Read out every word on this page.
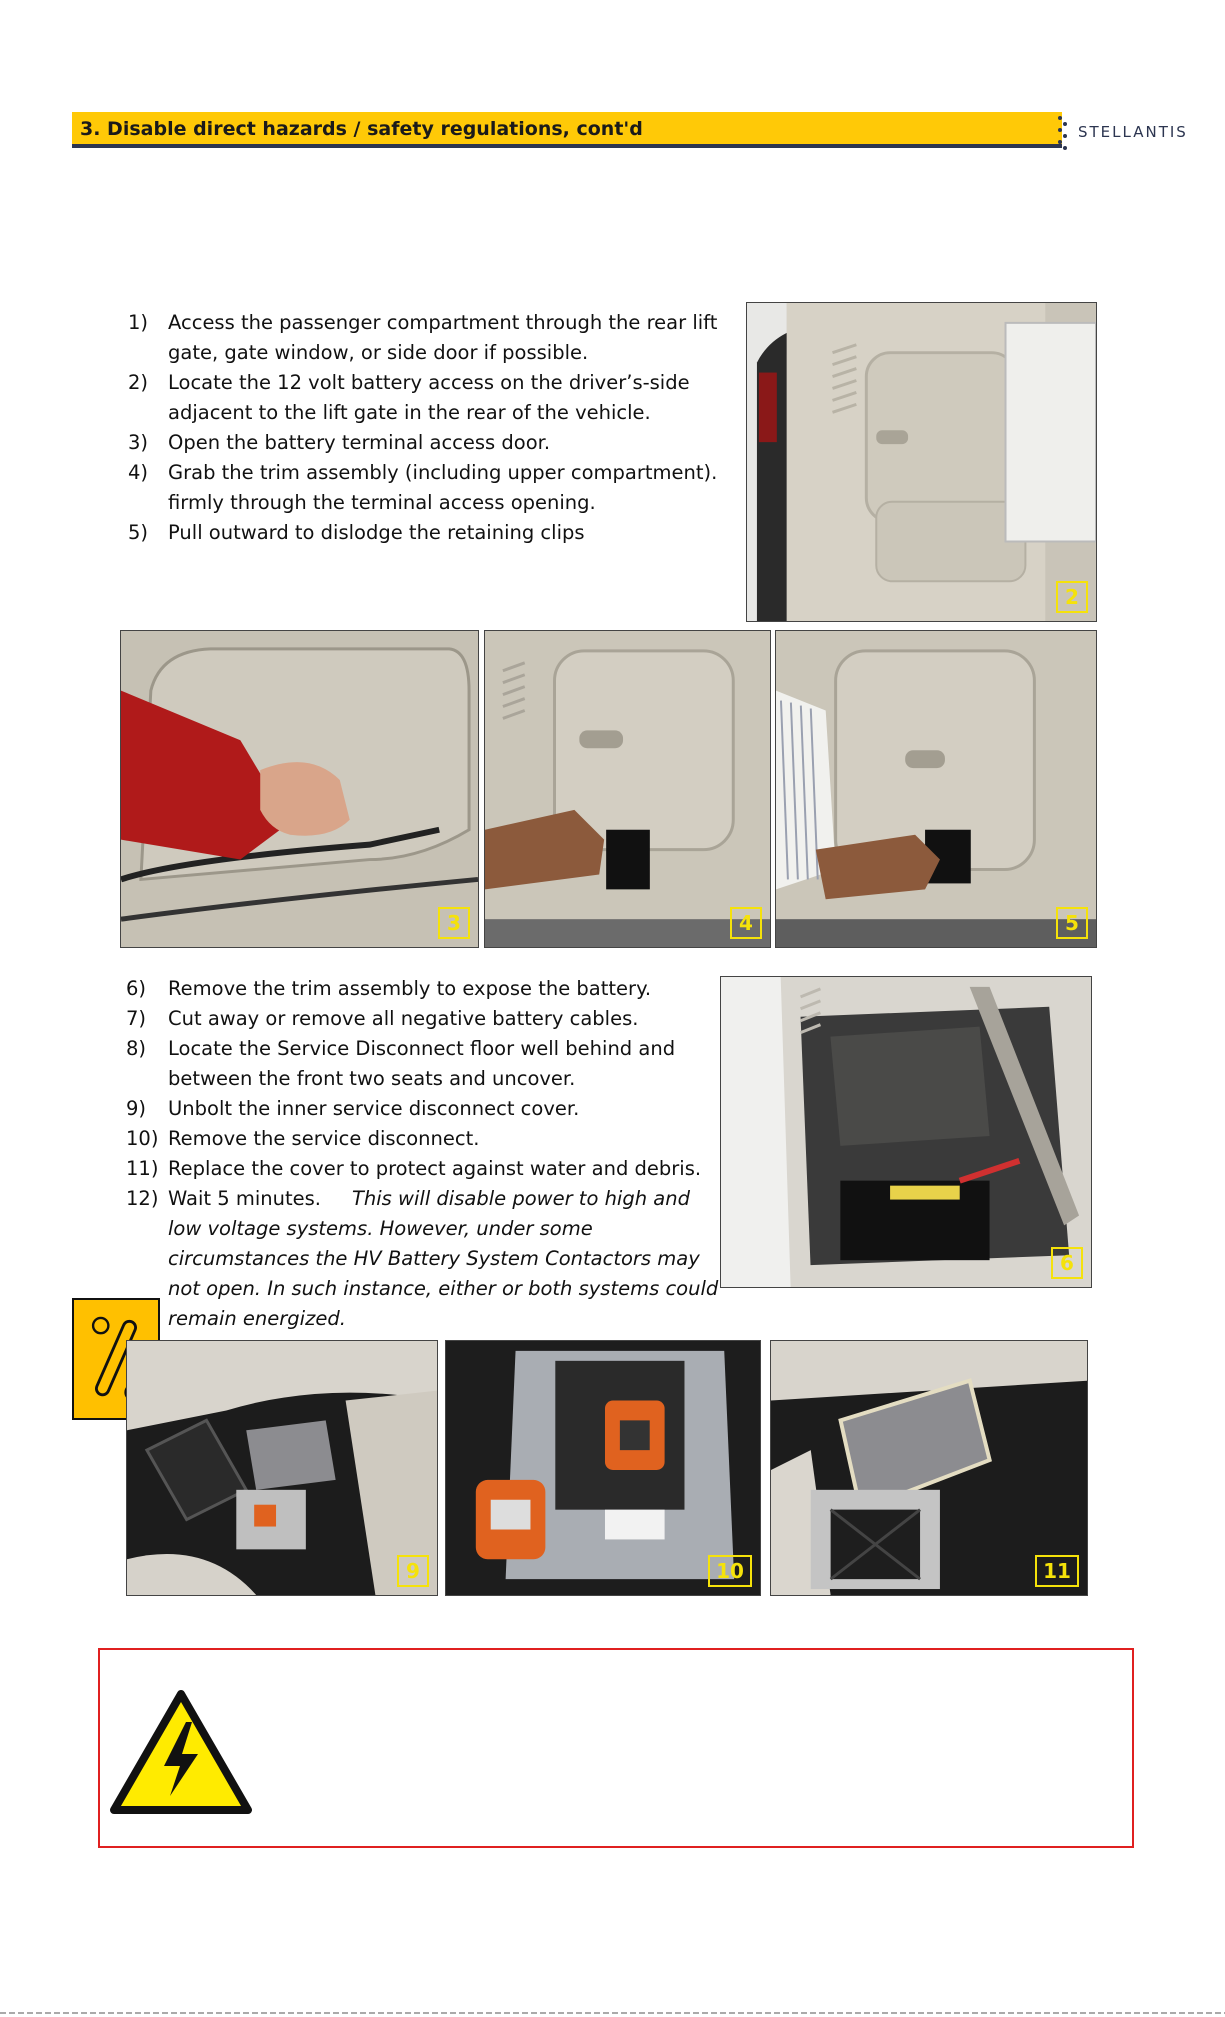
3. Disable direct hazards / safety regulations, cont'd	STELLANTIS
1) Access the passenger compartment through the rear lift gate, gate window, or side door if possible.
2) Locate the 12 volt battery access on the driver’s-side adjacent to the lift gate in the rear of the vehicle.
3) Open the battery terminal access door.
4) Grab the trim assembly (including upper compartment). firmly through the terminal access opening.
5) Pull outward to dislodge the retaining clips
2
3	4	5
6) Remove the trim assembly to expose the battery.
7) Cut away or remove all negative battery cables.
8) Locate the Service Disconnect floor well behind and between the front two seats and uncover.
9) Unbolt the inner service disconnect cover.
10) Remove the service disconnect.
11) Replace the cover to protect against water and debris.
12) Wait 5 minutes. This will disable power to high and low voltage systems. However, under some circumstances the HV Battery System Contactors may not open. In such instance, either or both systems could remain energized.
6
9	10	11
